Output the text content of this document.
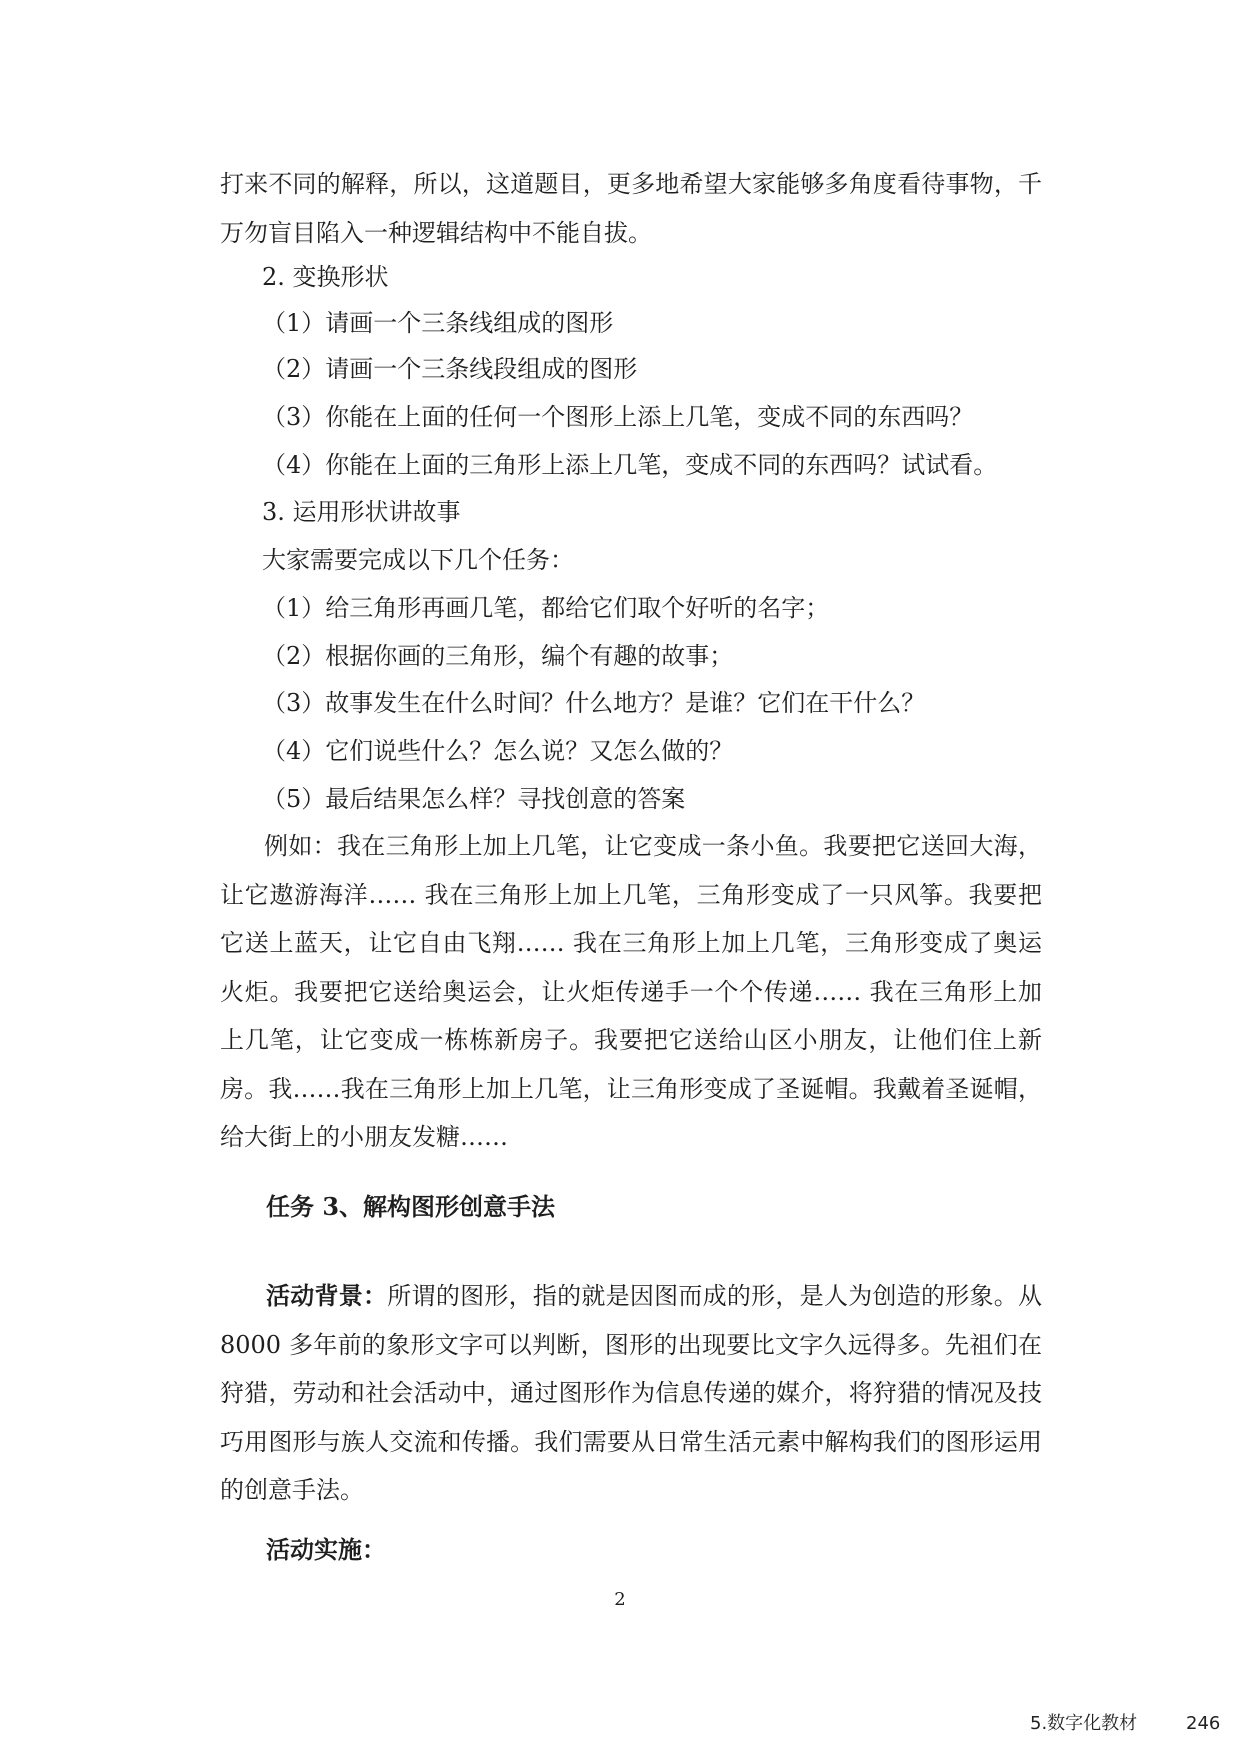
打来不同的解释，所以，这道题目，更多地希望大家能够多角度看待事物，千万勿盲目陷入一种逻辑结构中不能自拔。
2. 变换形状
（1）请画一个三条线组成的图形
（2）请画一个三条线段组成的图形
（3）你能在上面的任何一个图形上添上几笔，变成不同的东西吗？
（4）你能在上面的三角形上添上几笔，变成不同的东西吗？试试看。
3. 运用形状讲故事
大家需要完成以下几个任务：
（1）给三角形再画几笔，都给它们取个好听的名字；
（2）根据你画的三角形，编个有趣的故事；
（3）故事发生在什么时间？什么地方？是谁？它们在干什么？
（4）它们说些什么？怎么说？又怎么做的？
（5）最后结果怎么样？寻找创意的答案
例如：我在三角形上加上几笔，让它变成一条小鱼。我要把它送回大海，让它遨游海洋…… 我在三角形上加上几笔，三角形变成了一只风筝。我要把它送上蓝天，让它自由飞翔…… 我在三角形上加上几笔，三角形变成了奥运火炬。我要把它送给奥运会，让火炬传递手一个个传递…… 我在三角形上加上几笔，让它变成一栋栋新房子。我要把它送给山区小朋友，让他们住上新房。我……我在三角形上加上几笔，让三角形变成了圣诞帽。我戴着圣诞帽，给大街上的小朋友发糖……
任务 3、解构图形创意手法
活动背景：所谓的图形，指的就是因图而成的形，是人为创造的形象。从 8000 多年前的象形文字可以判断，图形的出现要比文字久远得多。先祖们在狩猎，劳动和社会活动中，通过图形作为信息传递的媒介，将狩猎的情况及技巧用图形与族人交流和传播。我们需要从日常生活元素中解构我们的图形运用的创意手法。
活动实施：
2
5.数字化教材	246
